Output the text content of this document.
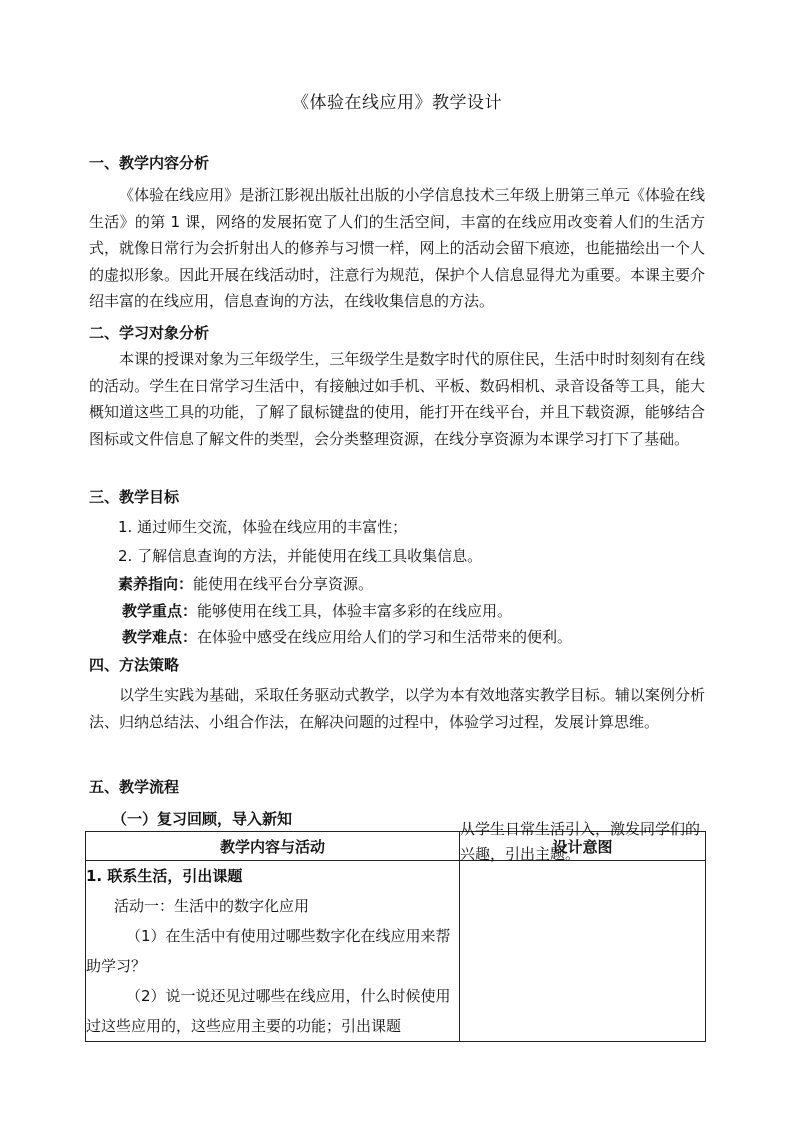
《体验在线应用》教学设计
一、教学内容分析
《体验在线应用》是浙江影视出版社出版的小学信息技术三年级上册第三单元《体验在线生活》的第 1 课，网络的发展拓宽了人们的生活空间，丰富的在线应用改变着人们的生活方式，就像日常行为会折射出人的修养与习惯一样，网上的活动会留下痕迹，也能描绘出一个人的虚拟形象。因此开展在线活动时，注意行为规范，保护个人信息显得尤为重要。本课主要介绍丰富的在线应用，信息查询的方法，在线收集信息的方法。
二、学习对象分析
本课的授课对象为三年级学生，三年级学生是数字时代的原住民，生活中时时刻刻有在线的活动。学生在日常学习生活中，有接触过如手机、平板、数码相机、录音设备等工具，能大概知道这些工具的功能，了解了鼠标键盘的使用，能打开在线平台，并且下载资源，能够结合图标或文件信息了解文件的类型，会分类整理资源，在线分享资源为本课学习打下了基础。
三、教学目标
1. 通过师生交流，体验在线应用的丰富性；
2. 了解信息查询的方法，并能使用在线工具收集信息。
素养指向：能使用在线平台分享资源。
教学重点：能够使用在线工具，体验丰富多彩的在线应用。
教学难点：在体验中感受在线应用给人们的学习和生活带来的便利。
四、方法策略
以学生实践为基础，采取任务驱动式教学，以学为本有效地落实教学目标。辅以案例分析法、归纳总结法、小组合作法，在解决问题的过程中，体验学习过程，发展计算思维。
五、教学流程
（一）复习回顾，导入新知
教学内容与活动	设计意图

1. 联系生活，引出课题
活动一：生活中的数字化应用
（1）在生活中有使用过哪些数字化在线应用来帮助学习？
（2）说一说还见过哪些在线应用，什么时候使用过这些应用的，这些应用主要的功能；引出课题	从学生日常生活引入，激发同学们的兴趣，引出主题。
